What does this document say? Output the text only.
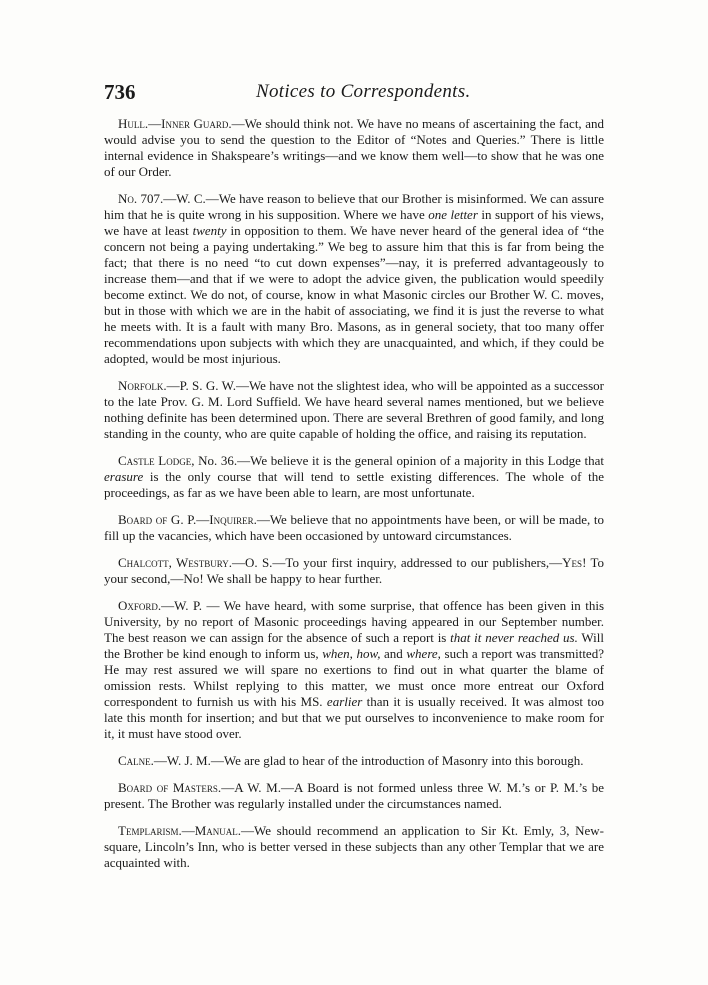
736	Notices to Correspondents.

Hull.—Inner Guard.—We should think not. We have no means of ascertaining the fact, and would advise you to send the question to the Editor of “Notes and Queries.” There is little internal evidence in Shakspeare’s writings—and we know them well—to show that he was one of our Order.

No. 707.—W. C.—We have reason to believe that our Brother is misinformed. We can assure him that he is quite wrong in his supposition. Where we have one letter in support of his views, we have at least twenty in opposition to them. We have never heard of the general idea of “the concern not being a paying undertaking.” We beg to assure him that this is far from being the fact; that there is no need “to cut down expenses”—nay, it is preferred advantageously to increase them—and that if we were to adopt the advice given, the publication would speedily become extinct. We do not, of course, know in what Masonic circles our Brother W. C. moves, but in those with which we are in the habit of associating, we find it is just the reverse to what he meets with. It is a fault with many Bro. Masons, as in general society, that too many offer recommendations upon subjects with which they are unacquainted, and which, if they could be adopted, would be most injurious.

Norfolk.—P. S. G. W.—We have not the slightest idea, who will be appointed as a successor to the late Prov. G. M. Lord Suffield. We have heard several names mentioned, but we believe nothing definite has been determined upon. There are several Brethren of good family, and long standing in the county, who are quite capable of holding the office, and raising its reputation.

Castle Lodge, No. 36.—We believe it is the general opinion of a majority in this Lodge that erasure is the only course that will tend to settle existing differences. The whole of the proceedings, as far as we have been able to learn, are most unfortunate.

Board of G. P.—Inquirer.—We believe that no appointments have been, or will be made, to fill up the vacancies, which have been occasioned by untoward circumstances.

Chalcott, Westbury.—O. S.—To your first inquiry, addressed to our publishers,—Yes! To your second,—No! We shall be happy to hear further.

Oxford.—W. P. — We have heard, with some surprise, that offence has been given in this University, by no report of Masonic proceedings having appeared in our September number. The best reason we can assign for the absence of such a report is that it never reached us. Will the Brother be kind enough to inform us, when, how, and where, such a report was transmitted? He may rest assured we will spare no exertions to find out in what quarter the blame of omission rests. Whilst replying to this matter, we must once more entreat our Oxford correspondent to furnish us with his MS. earlier than it is usually received. It was almost too late this month for insertion; and but that we put ourselves to inconvenience to make room for it, it must have stood over.

Calne.—W. J. M.—We are glad to hear of the introduction of Masonry into this borough.

Board of Masters.—A W. M.—A Board is not formed unless three W. M.’s or P. M.’s be present. The Brother was regularly installed under the circumstances named.

Templarism.—Manual.—We should recommend an application to Sir Kt. Emly, 3, New-square, Lincoln’s Inn, who is better versed in these subjects than any other Templar that we are acquainted with.
